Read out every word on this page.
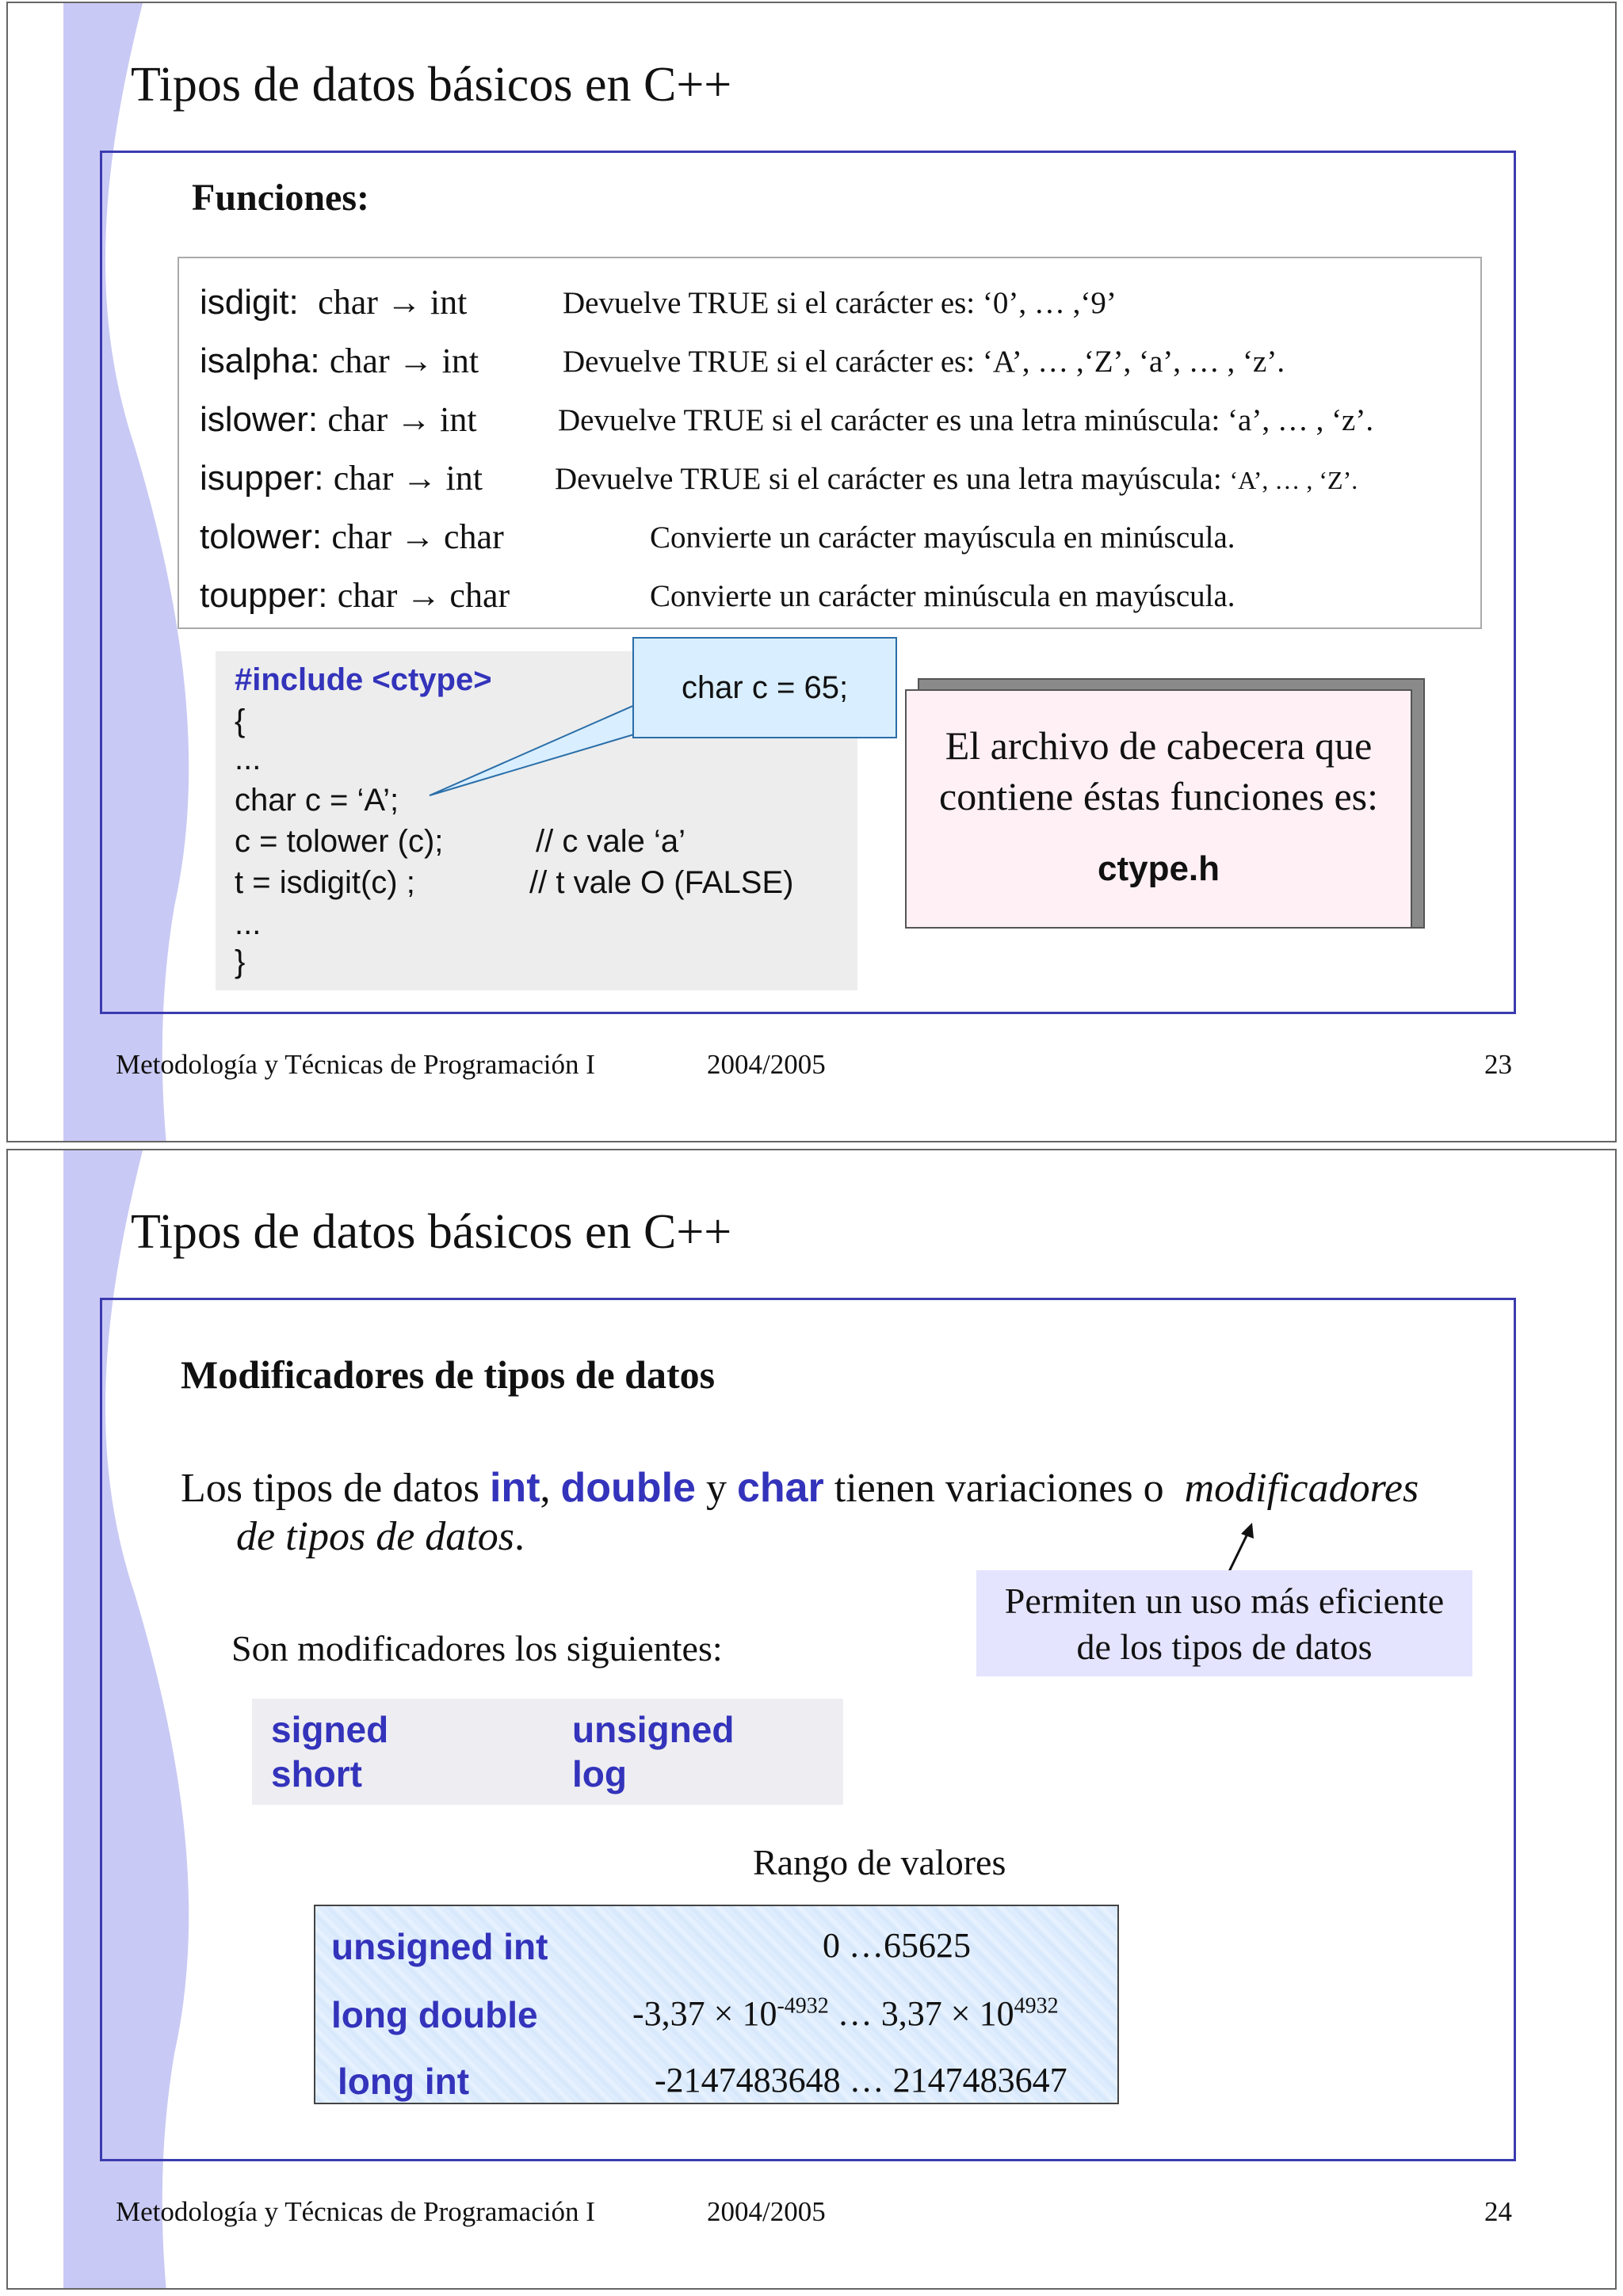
Tipos de datos básicos en C++
Funciones:
isdigit: char → int	Devuelve TRUE si el carácter es: ‘0’, … ,‘9’
isalpha: char → int	Devuelve TRUE si el carácter es: ‘A’, … ,‘Z’, ‘a’, … , ‘z’.
islower: char → int	Devuelve TRUE si el carácter es una letra minúscula: ‘a’, … , ‘z’.
isupper: char → int Devuelve TRUE si el carácter es una letra mayúscula: ‘A’, … , ‘Z’.
tolower: char → char	Convierte un carácter mayúscula en minúscula.
toupper: char → char	Convierte un carácter minúscula en mayúscula.
#include <ctype>
{
...
char c = ‘A’;
c = tolower (c);	// c vale ‘a’
t = isdigit(c) ;	// t vale O (FALSE)
...
}
char c = 65;
El archivo de cabecera que
contiene éstas funciones es:
ctype.h
Metodología y Técnicas de Programación I	2004/2005	23
Tipos de datos básicos en C++
Modificadores de tipos de datos
Los tipos de datos int, double y char tienen variaciones o modificadores
de tipos de datos.
Permiten un uso más eficiente
de los tipos de datos
Son modificadores los siguientes:
signed	unsigned
short	log
Rango de valores
unsigned int	0 …65625
long double	$-3,37 \times 10^{-4932}$ … $3,37 \times 10^{4932}$
long int	-2147483648 … 2147483647
Metodología y Técnicas de Programación I	2004/2005	24
